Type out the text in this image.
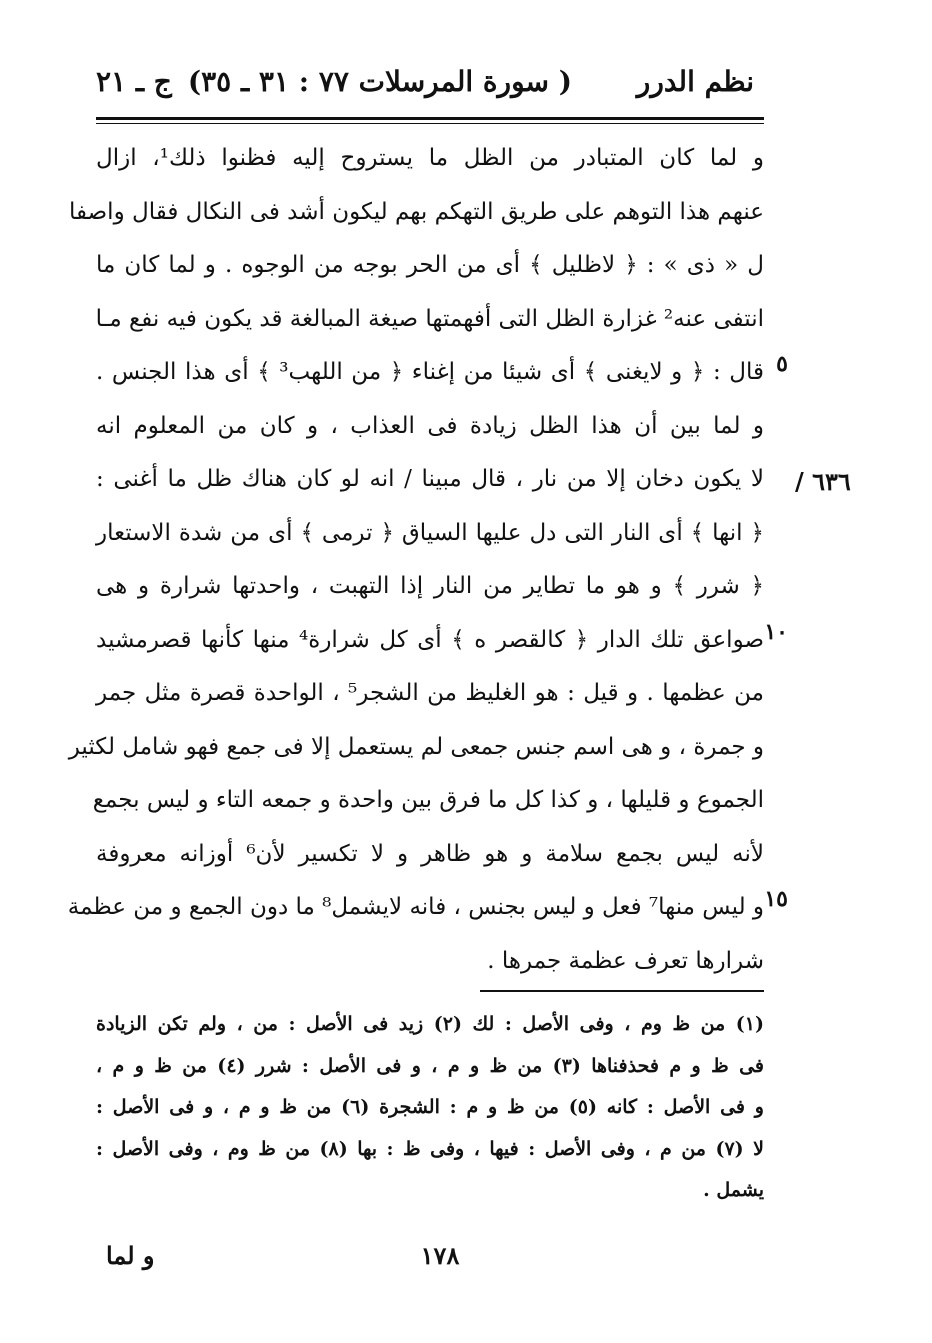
نظم الدرر
( سورة المرسلات ٧٧ : ٣١ ـ ٣٥)
ج ـ ٢١
٦٣٦ /
و لما كان المتبادر من الظل ما يستروح إليه فظنوا ذلك¹، ازال
عنهم هذا التوهم على طريق التهكم بهم ليكون أشد فى النكال فقال واصفا
ل « ذى » : ﴿ لاظليل ﴾ أى من الحر بوجه من الوجوه . و لما كان ما
انتفى عنه² غزارة الظل التى أفهمتها صيغة المبالغة قد يكون فيه نفع مـا
قال : ﴿ و لايغنى ﴾ أى شيئا من إغناء ﴿ من اللهب³ ﴾ أى هذا الجنس .
و لما بين أن هذا الظل زيادة فى العذاب ، و كان من المعلوم انه
لا يكون دخان إلا من نار ، قال مبينا / انه لو كان هناك ظل ما أغنى :
﴿ انها ﴾ أى النار التى دل عليها السياق ﴿ ترمى ﴾ أى من شدة الاستعار
﴿ شرر ﴾ و هو ما تطاير من النار إذا التهبت ، واحدتها شرارة و هى
صواعق تلك الدار ﴿ كالقصر ه ﴾ أى كل شرارة⁴ منها كأنها قصرمشيد
من عظمها . و قيل : هو الغليظ من الشجر⁵ ، الواحدة قصرة مثل جمر
و جمرة ، و هى اسم جنس جمعى لم يستعمل إلا فى جمع فهو شامل لكثير
الجموع و قليلها ، و كذا كل ما فرق بين واحدة و جمعه التاء و ليس بجمع
لأنه ليس بجمع سلامة و هو ظاهر و لا تكسير لأن⁶ أوزانه معروفة
و ليس منها⁷ فعل و ليس بجنس ، فانه لايشمل⁸ ما دون الجمع و من عظمة
شرارها تعرف عظمة جمرها .
٥
١٠
١٥
(١) من ظ وم ، وفى الأصل : لك (٢) زيد فى الأصل : من ، ولم تكن الزيادة
فى ظ و م فحذفناها (٣) من ظ و م ، و فى الأصل : شرر (٤) من ظ و م ،
و فى الأصل : كانه (٥) من ظ و م : الشجرة (٦) من ظ و م ، و فى الأصل :
لا (٧) من م ، وفى الأصل : فيها ، وفى ظ : بها (٨) من ظ وم ، وفى الأصل :
يشمل .
١٧٨
و لما
